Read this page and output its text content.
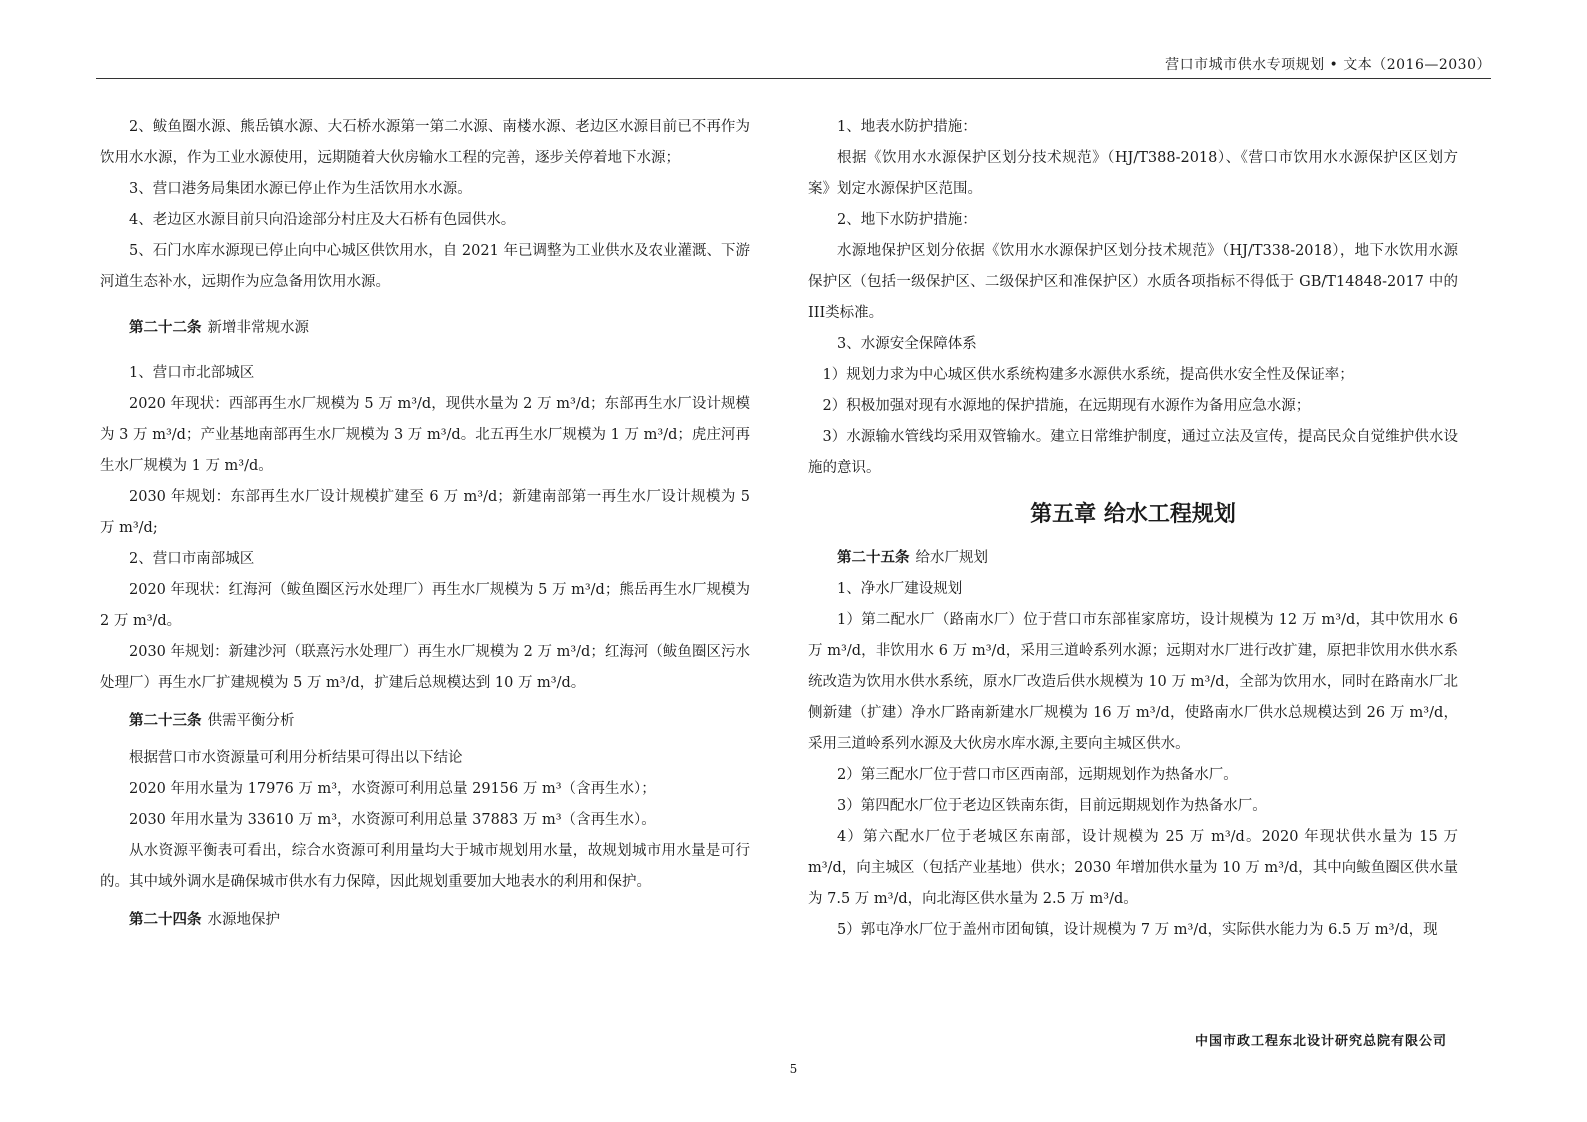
营口市城市供水专项规划 • 文本（2016—2030）

2、鲅鱼圈水源、熊岳镇水源、大石桥水源第一第二水源、南楼水源、老边区水源目前已不再作为饮用水水源，作为工业水源使用，远期随着大伙房输水工程的完善，逐步关停着地下水源；

3、营口港务局集团水源已停止作为生活饮用水水源。

4、老边区水源目前只向沿途部分村庄及大石桥有色园供水。

5、石门水库水源现已停止向中心城区供饮用水，自 2021 年已调整为工业供水及农业灌溉、下游河道生态补水，远期作为应急备用饮用水源。

第二十二条 新增非常规水源

1、营口市北部城区

2020 年现状：西部再生水厂规模为 5 万 m³/d，现供水量为 2 万 m³/d；东部再生水厂设计规模为 3 万 m³/d；产业基地南部再生水厂规模为 3 万 m³/d。北五再生水厂规模为 1 万 m³/d；虎庄河再生水厂规模为 1 万 m³/d。

2030 年规划：东部再生水厂设计规模扩建至 6 万 m³/d；新建南部第一再生水厂设计规模为 5 万 m³/d;

2、营口市南部城区

2020 年现状：红海河（鲅鱼圈区污水处理厂）再生水厂规模为 5 万 m³/d；熊岳再生水厂规模为 2 万 m³/d。

2030 年规划：新建沙河（联熹污水处理厂）再生水厂规模为 2 万 m³/d；红海河（鲅鱼圈区污水处理厂）再生水厂扩建规模为 5 万 m³/d，扩建后总规模达到 10 万 m³/d。

第二十三条 供需平衡分析

根据营口市水资源量可利用分析结果可得出以下结论

2020 年用水量为 17976 万 m³，水资源可利用总量 29156 万 m³（含再生水）；

2030 年用水量为 33610 万 m³，水资源可利用总量 37883 万 m³（含再生水）。

从水资源平衡表可看出，综合水资源可利用量均大于城市规划用水量，故规划城市用水量是可行的。其中域外调水是确保城市供水有力保障，因此规划重要加大地表水的利用和保护。

第二十四条 水源地保护

1、地表水防护措施：

根据《饮用水水源保护区划分技术规范》（HJ/T388-2018）、《营口市饮用水水源保护区区划方案》划定水源保护区范围。

2、地下水防护措施：

水源地保护区划分依据《饮用水水源保护区划分技术规范》（HJ/T338-2018），地下水饮用水源保护区（包括一级保护区、二级保护区和准保护区）水质各项指标不得低于 GB/T14848-2017 中的III类标准。

3、水源安全保障体系

1）规划力求为中心城区供水系统构建多水源供水系统，提高供水安全性及保证率；

2）积极加强对现有水源地的保护措施，在远期现有水源作为备用应急水源；

3）水源输水管线均采用双管输水。建立日常维护制度，通过立法及宣传，提高民众自觉维护供水设施的意识。

第五章 给水工程规划

第二十五条 给水厂规划

1、净水厂建设规划

1）第二配水厂（路南水厂）位于营口市东部崔家席坊，设计规模为 12 万 m³/d，其中饮用水 6 万 m³/d，非饮用水 6 万 m³/d，采用三道岭系列水源；远期对水厂进行改扩建，原把非饮用水供水系统改造为饮用水供水系统，原水厂改造后供水规模为 10 万 m³/d，全部为饮用水，同时在路南水厂北侧新建（扩建）净水厂路南新建水厂规模为 16 万 m³/d，使路南水厂供水总规模达到 26 万 m³/d，采用三道岭系列水源及大伙房水库水源,主要向主城区供水。

2）第三配水厂位于营口市区西南部，远期规划作为热备水厂。

3）第四配水厂位于老边区铁南东街，目前远期规划作为热备水厂。

4）第六配水厂位于老城区东南部，设计规模为 25 万 m³/d。2020 年现状供水量为 15 万 m³/d，向主城区（包括产业基地）供水；2030 年增加供水量为 10 万 m³/d，其中向鲅鱼圈区供水量为 7.5 万 m³/d，向北海区供水量为 2.5 万 m³/d。

5）郭屯净水厂位于盖州市团甸镇，设计规模为 7 万 m³/d，实际供水能力为 6.5 万 m³/d，现

中国市政工程东北设计研究总院有限公司
5
